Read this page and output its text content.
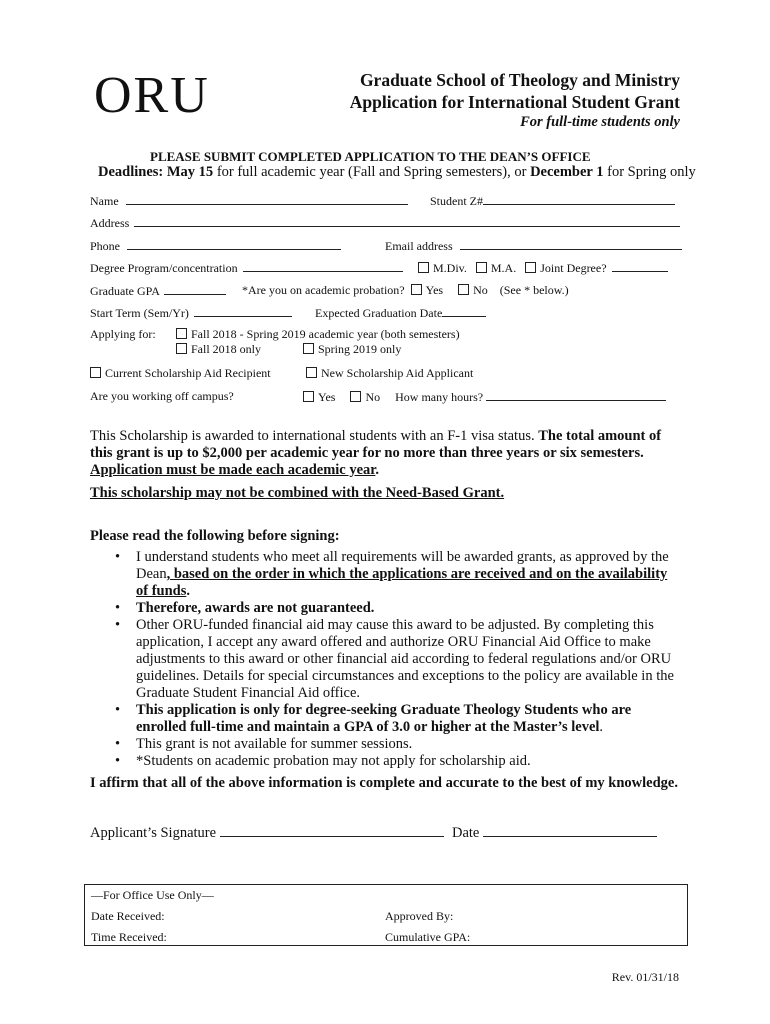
ORU	Graduate School of Theology and Ministry
Application for International Student Grant
For full-time students only
PLEASE SUBMIT COMPLETED APPLICATION TO THE DEAN’S OFFICE
Deadlines: May 15 for full academic year (Fall and Spring semesters), or December 1 for Spring only
Name	Student Z#
Address
Phone	Email address
Degree Program/concentration	M.Div. M.A. Joint Degree?
Graduate GPA	*Are you on academic probation? Yes	No (See * below.)
Start Term (Sem/Yr)	Expected Graduation Date
Applying for:	Fall 2018 - Spring 2019 academic year (both semesters)
Fall 2018 only	Spring 2019 only
Current Scholarship Aid Recipient	New Scholarship Aid Applicant
Are you working off campus?	Yes	No How many hours?
This Scholarship is awarded to international students with an F-1 visa status. The total amount of this grant is up to $2,000 per academic year for no more than three years or six semesters. Application must be made each academic year.
This scholarship may not be combined with the Need-Based Grant.
Please read the following before signing:
• I understand students who meet all requirements will be awarded grants, as approved by the Dean, based on the order in which the applications are received and on the availability of funds.
• Therefore, awards are not guaranteed.
• Other ORU-funded financial aid may cause this award to be adjusted. By completing this application, I accept any award offered and authorize ORU Financial Aid Office to make adjustments to this award or other financial aid according to federal regulations and/or ORU guidelines. Details for special circumstances and exceptions to the policy are available in the Graduate Student Financial Aid office.
• This application is only for degree-seeking Graduate Theology Students who are enrolled full-time and maintain a GPA of 3.0 or higher at the Master’s level.
• This grant is not available for summer sessions.
• *Students on academic probation may not apply for scholarship aid.
I affirm that all of the above information is complete and accurate to the best of my knowledge.
Applicant’s Signature	Date
—For Office Use Only—
Date Received:	Approved By:
Time Received:	Cumulative GPA:
Rev. 01/31/18
